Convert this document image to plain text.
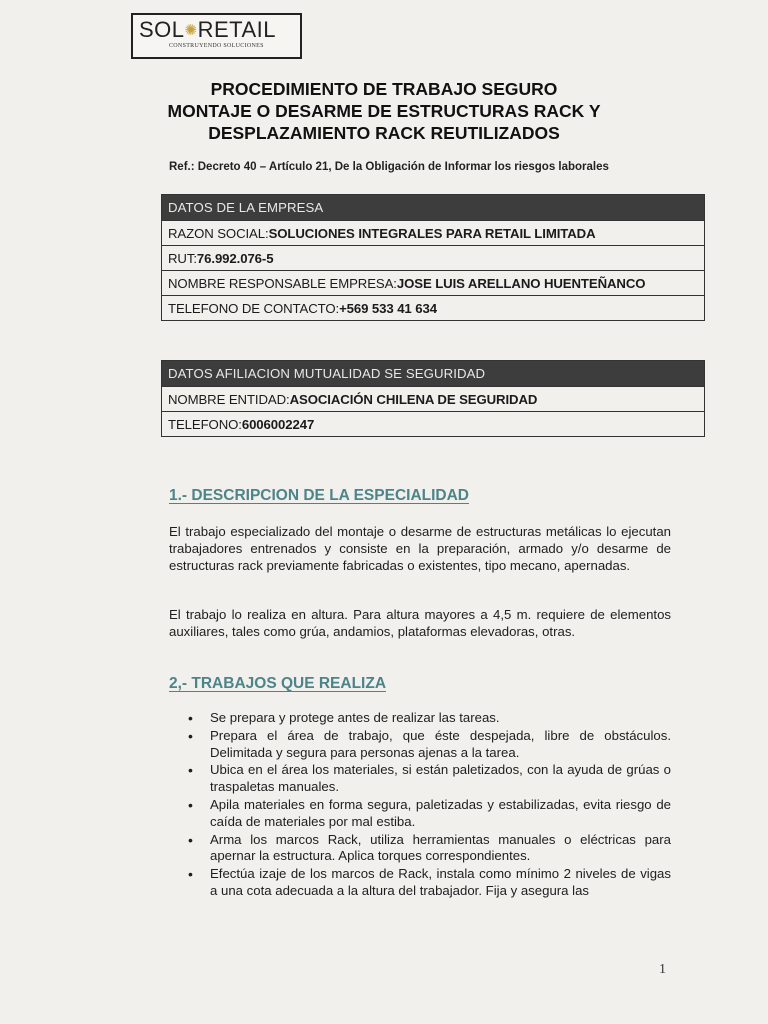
SOL✺RETAIL
CONSTRUYENDO SOLUCIONES
PROCEDIMIENTO DE TRABAJO SEGURO
MONTAJE O DESARME DE ESTRUCTURAS RACK Y
DESPLAZAMIENTO RACK REUTILIZADOS
Ref.: Decreto 40 – Artículo 21, De la Obligación de Informar los riesgos laborales
DATOS DE LA EMPRESA
RAZON SOCIAL:SOLUCIONES INTEGRALES PARA RETAIL LIMITADA
RUT:76.992.076-5
NOMBRE RESPONSABLE EMPRESA:JOSE LUIS ARELLANO HUENTEÑANCO
TELEFONO DE CONTACTO:+569 533 41 634
DATOS AFILIACION MUTUALIDAD SE SEGURIDAD
NOMBRE ENTIDAD:ASOCIACIÓN CHILENA DE SEGURIDAD
TELEFONO:6006002247
1.- DESCRIPCION DE LA ESPECIALIDAD
El trabajo especializado del montaje o desarme de estructuras metálicas lo ejecutan trabajadores entrenados y consiste en la preparación, armado y/o desarme de estructuras rack previamente fabricadas o existentes, tipo mecano, apernadas.
El trabajo lo realiza en altura. Para altura mayores a 4,5 m. requiere de elementos auxiliares, tales como grúa, andamios, plataformas elevadoras, otras.
2,- TRABAJOS QUE REALIZA
• Se prepara y protege antes de realizar las tareas.
• Prepara el área de trabajo, que éste despejada, libre de obstáculos. Delimitada y segura para personas ajenas a la tarea.
• Ubica en el área los materiales, si están paletizados, con la ayuda de grúas o traspaletas manuales.
• Apila materiales en forma segura, paletizadas y estabilizadas, evita riesgo de caída de materiales por mal estiba.
• Arma los marcos Rack, utiliza herramientas manuales o eléctricas para apernar la estructura. Aplica torques correspondientes.
• Efectúa izaje de los marcos de Rack, instala como mínimo 2 niveles de vigas a una cota adecuada a la altura del trabajador. Fija y asegura las
1
